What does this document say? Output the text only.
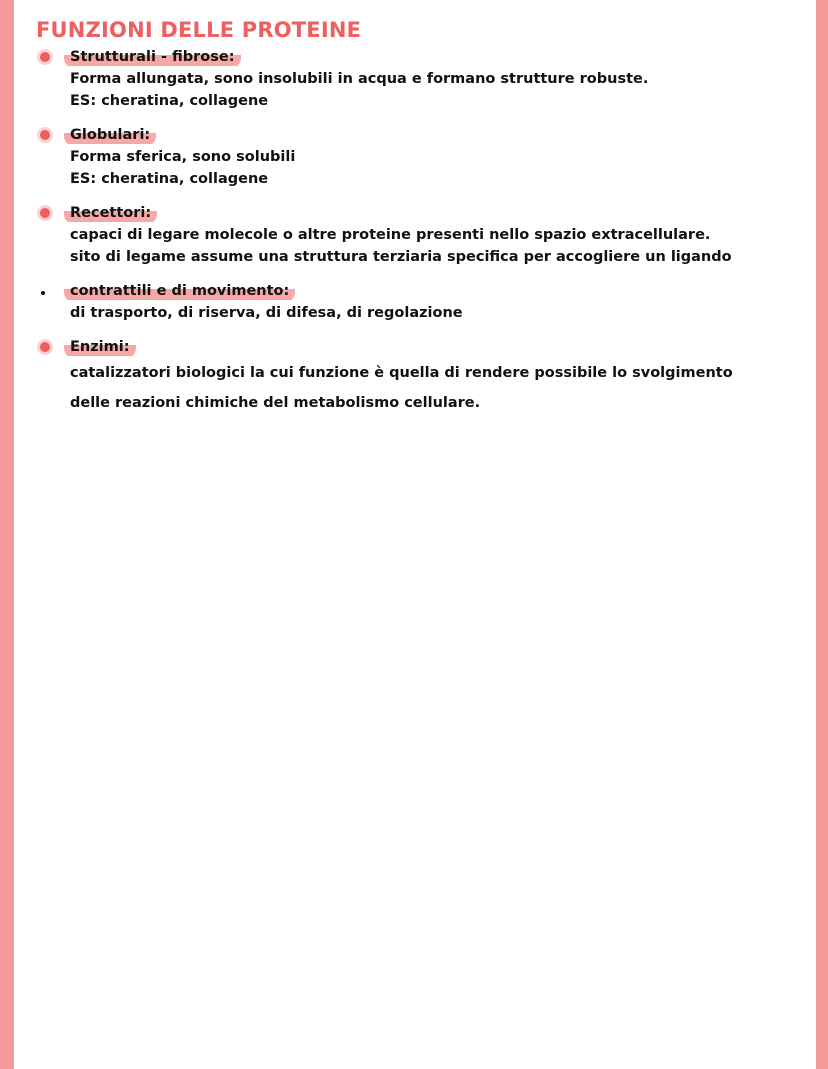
FUNZIONI DELLE PROTEINE
Strutturali - fibrose:
Forma allungata, sono insolubili in acqua e formano strutture robuste.
ES: cheratina, collagene
Globulari:
Forma sferica, sono solubili
ES: cheratina, collagene
Recettori:
capaci di legare molecole o altre proteine presenti nello spazio extracellulare.
sito di legame assume una struttura terziaria specifica per accogliere un ligando
contrattili e di movimento:
di trasporto, di riserva, di difesa, di regolazione
Enzimi:
catalizzatori biologici la cui funzione è quella di rendere possibile lo svolgimento
delle reazioni chimiche del metabolismo cellulare.
